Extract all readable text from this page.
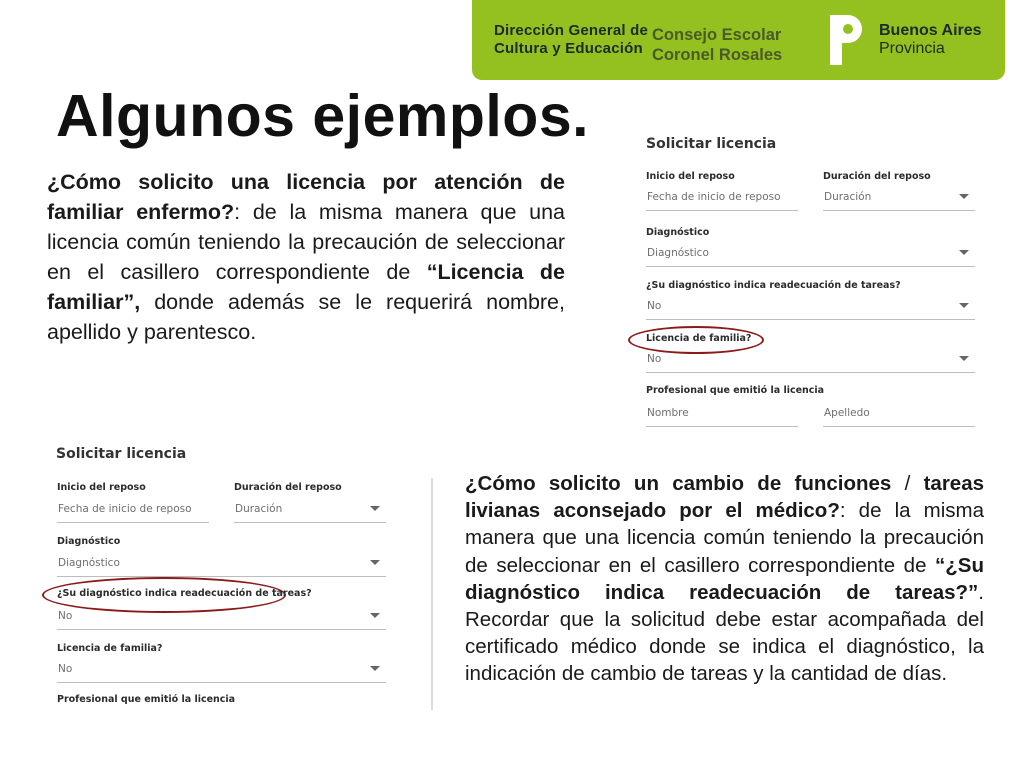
Dirección General de
Cultura y Educación
Consejo Escolar
Coronel Rosales
Buenos Aires
Provincia
Algunos ejemplos.

¿Cómo solicito una licencia por atención de familiar enfermo?: de la misma manera que una licencia común teniendo la precaución de seleccionar en el casillero correspondiente de “Licencia de familiar”, donde además se le requerirá nombre, apellido y parentesco.

Solicitar licencia
Inicio del reposo
Fecha de inicio de reposo
Duración del reposo
Duración
Diagnóstico
Diagnóstico
¿Su diagnóstico indica readecuación de tareas?
No
Licencia de familia?
No
Profesional que emitió la licencia
Nombre	Apelledo
Solicitar licencia
Inicio del reposo
Fecha de inicio de reposo
Duración del reposo
Duración
Diagnóstico
Diagnóstico
¿Su diagnóstico indica readecuación de tareas?
No
Licencia de familia?
No
Profesional que emitió la licencia

¿Cómo solicito un cambio de funciones / tareas livianas aconsejado por el médico?: de la misma manera que una licencia común teniendo la precaución de seleccionar en el casillero correspondiente de “¿Su diagnóstico indica readecuación de tareas?”. Recordar que la solicitud debe estar acompañada del certificado médico donde se indica el diagnóstico, la indicación de cambio de tareas y la cantidad de días.
